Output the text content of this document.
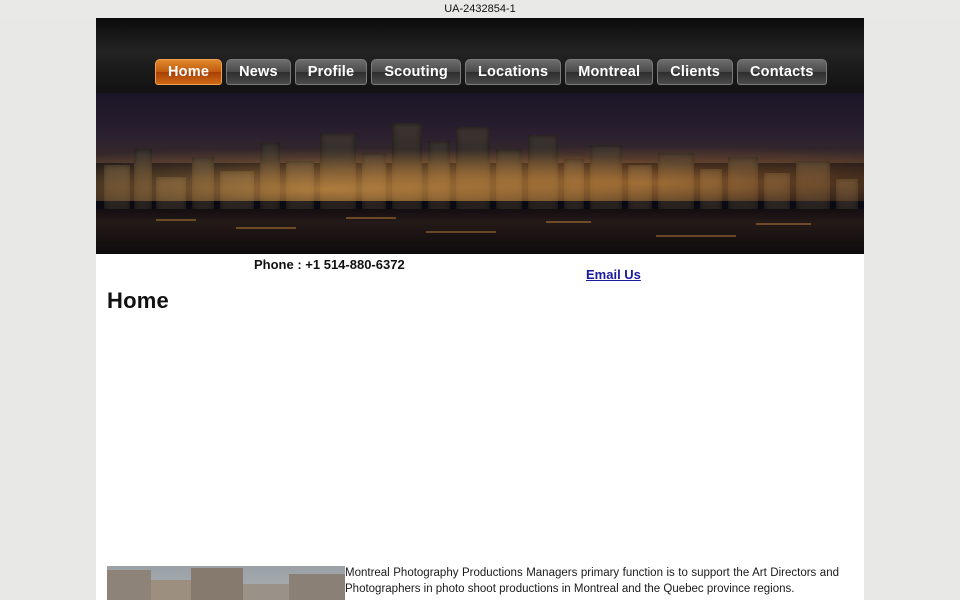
UA-2432854-1
Home	News	Profile	Scouting	Locations	Montreal	Clients	Contacts
Phone : +1 514-880-6372
Email Us
Home
Montreal Photography Productions Managers primary function is to support the Art Directors and Photographers in photo shoot productions in Montreal and the Quebec province regions.
